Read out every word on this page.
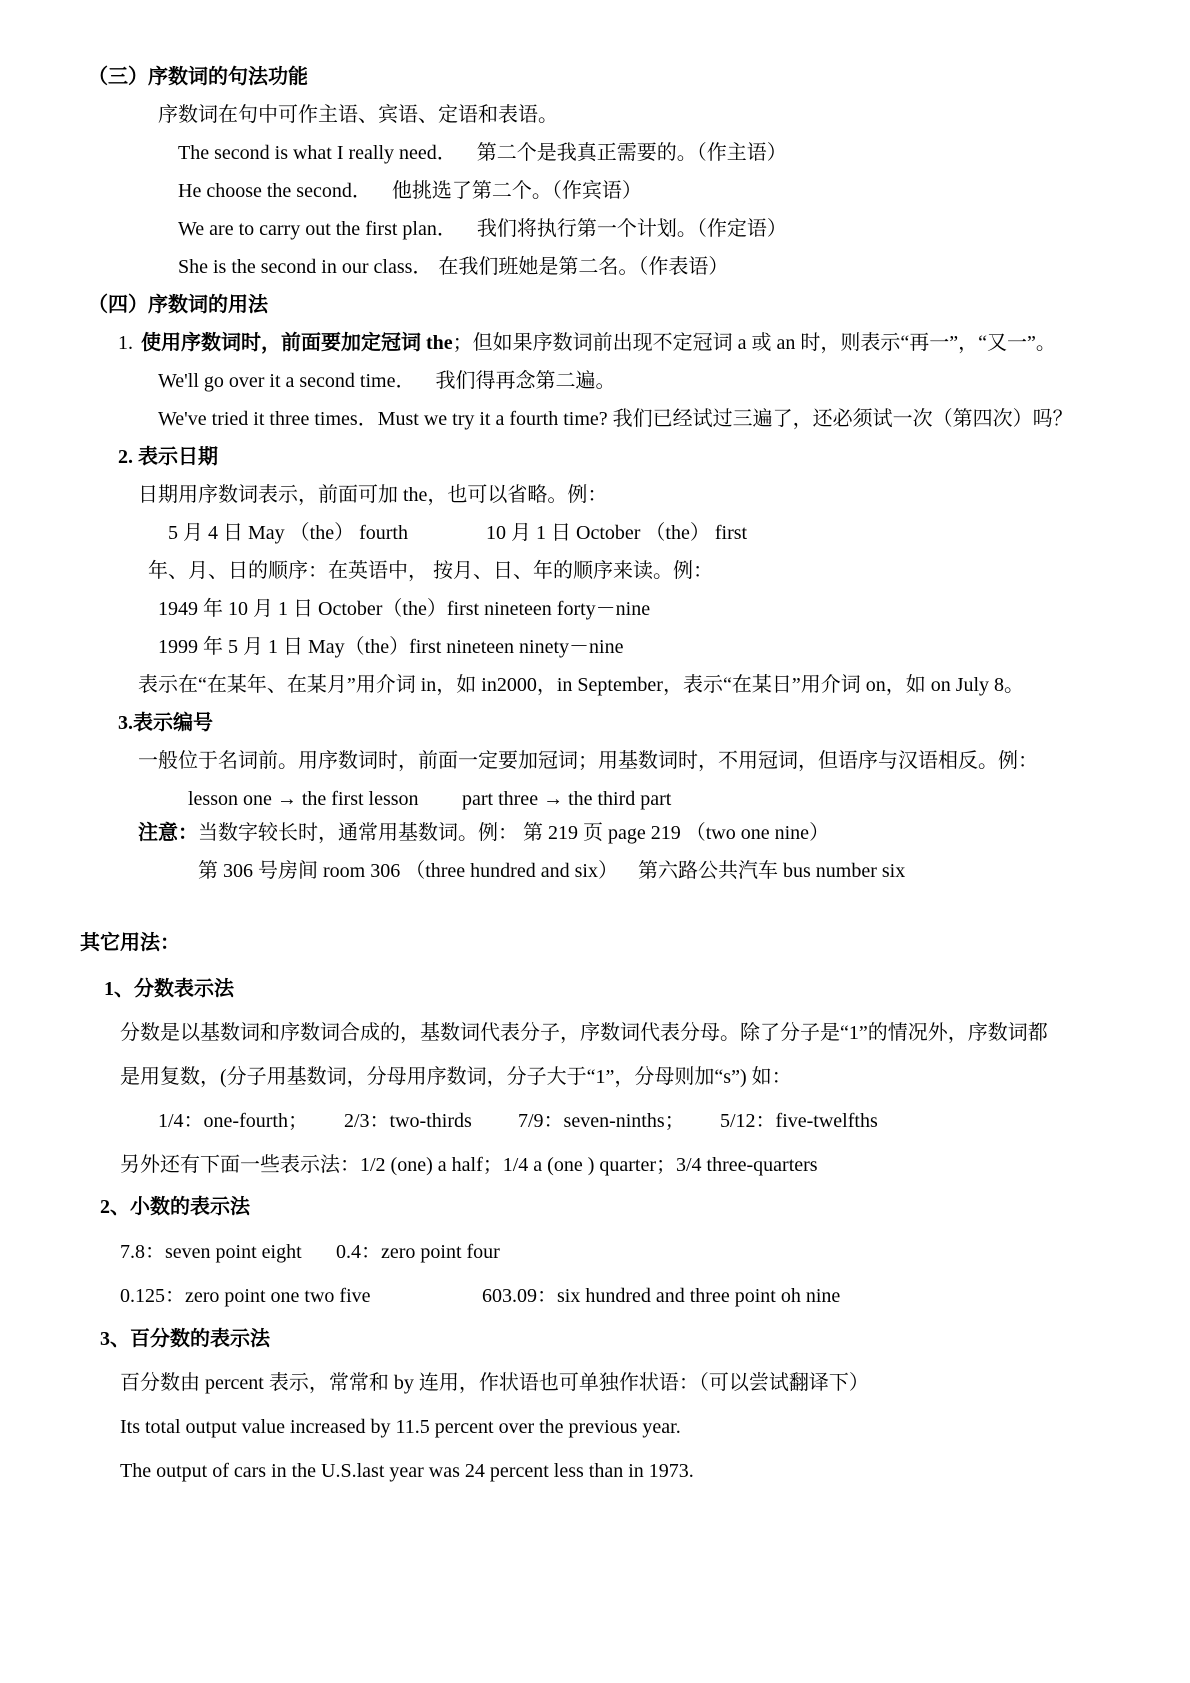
（三）序数词的句法功能
序数词在句中可作主语、宾语、定语和表语。
The second is what I really need． 第二个是我真正需要的。（作主语）
He choose the second． 他挑选了第二个。（作宾语）
We are to carry out the first plan． 我们将执行第一个计划。（作定语）
She is the second in our class． 在我们班她是第二名。（作表语）
（四）序数词的用法
1. 使用序数词时，前面要加定冠词 the；但如果序数词前出现不定冠词 a 或 an 时，则表示“再一”，“又一”。
We'll go over it a second time． 我们得再念第二遍。
We've tried it three times．Must we try it a fourth time? 我们已经试过三遍了，还必须试一次（第四次）吗？
2. 表示日期
日期用序数词表示，前面可加 the，也可以省略。例：
5 月 4 日 May （the） fourth	10 月 1 日 October （the） first
年、月、日的顺序：在英语中， 按月、日、年的顺序来读。例：
1949 年 10 月 1 日 October（the）first nineteen forty－nine
1999 年 5 月 1 日 May（the）first nineteen ninety－nine
表示在“在某年、在某月”用介词 in，如 in2000，in September，表示“在某日”用介词 on，如 on July 8。
3.表示编号
一般位于名词前。用序数词时，前面一定要加冠词；用基数词时，不用冠词，但语序与汉语相反。例：
lesson one → the first lesson part three → the third part
注意：当数字较长时，通常用基数词。例： 第 219 页 page 219 （two one nine）
第 306 号房间 room 306 （three hundred and six） 第六路公共汽车 bus number six
其它用法：
1、分数表示法
分数是以基数词和序数词合成的，基数词代表分子，序数词代表分母。除了分子是“1”的情况外，序数词都
是用复数，(分子用基数词，分母用序数词，分子大于“1”，分母则加“s”) 如：
1/4：one-fourth； 2/3：two-thirds 7/9：seven-ninths； 5/12：five-twelfths
另外还有下面一些表示法：1/2 (one) a half；1/4 a (one ) quarter；3/4 three-quarters
2、小数的表示法
7.8：seven point eight 0.4：zero point four
0.125：zero point one two five	603.09：six hundred and three point oh nine
3、百分数的表示法
百分数由 percent 表示，常常和 by 连用，作状语也可单独作状语：（可以尝试翻译下）
Its total output value increased by 11.5 percent over the previous year.
The output of cars in the U.S.last year was 24 percent less than in 1973.
